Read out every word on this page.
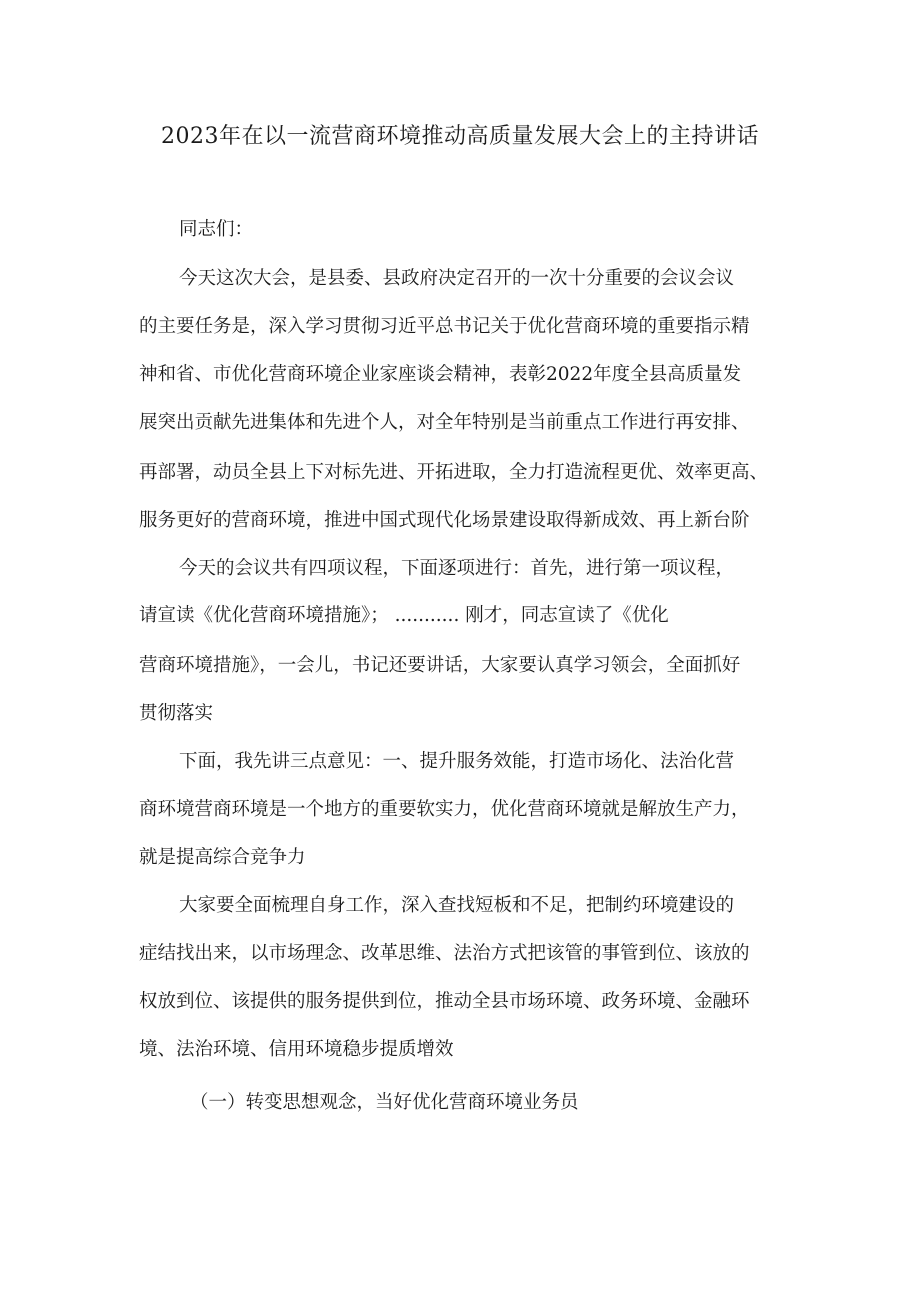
2023年在以一流营商环境推动高质量发展大会上的主持讲话
同志们：
今天这次大会，是县委、县政府决定召开的一次十分重要的会议会议
的主要任务是，深入学习贯彻习近平总书记关于优化营商环境的重要指示精
神和省、市优化营商环境企业家座谈会精神，表彰2022年度全县高质量发
展突出贡献先进集体和先进个人，对全年特别是当前重点工作进行再安排、
再部署，动员全县上下对标先进、开拓进取，全力打造流程更优、效率更高、
服务更好的营商环境，推进中国式现代化场景建设取得新成效、再上新台阶
今天的会议共有四项议程，下面逐项进行：首先，进行第一项议程，
请宣读《优化营商环境措施》； ........... 刚才，同志宣读了《优化
营商环境措施》，一会儿，书记还要讲话，大家要认真学习领会，全面抓好
贯彻落实
下面，我先讲三点意见：一、提升服务效能，打造市场化、法治化营
商环境营商环境是一个地方的重要软实力，优化营商环境就是解放生产力，
就是提高综合竞争力
大家要全面梳理自身工作，深入查找短板和不足，把制约环境建设的
症结找出来，以市场理念、改革思维、法治方式把该管的事管到位、该放的
权放到位、该提供的服务提供到位，推动全县市场环境、政务环境、金融环
境、法治环境、信用环境稳步提质增效
（一）转变思想观念，当好优化营商环境业务员
